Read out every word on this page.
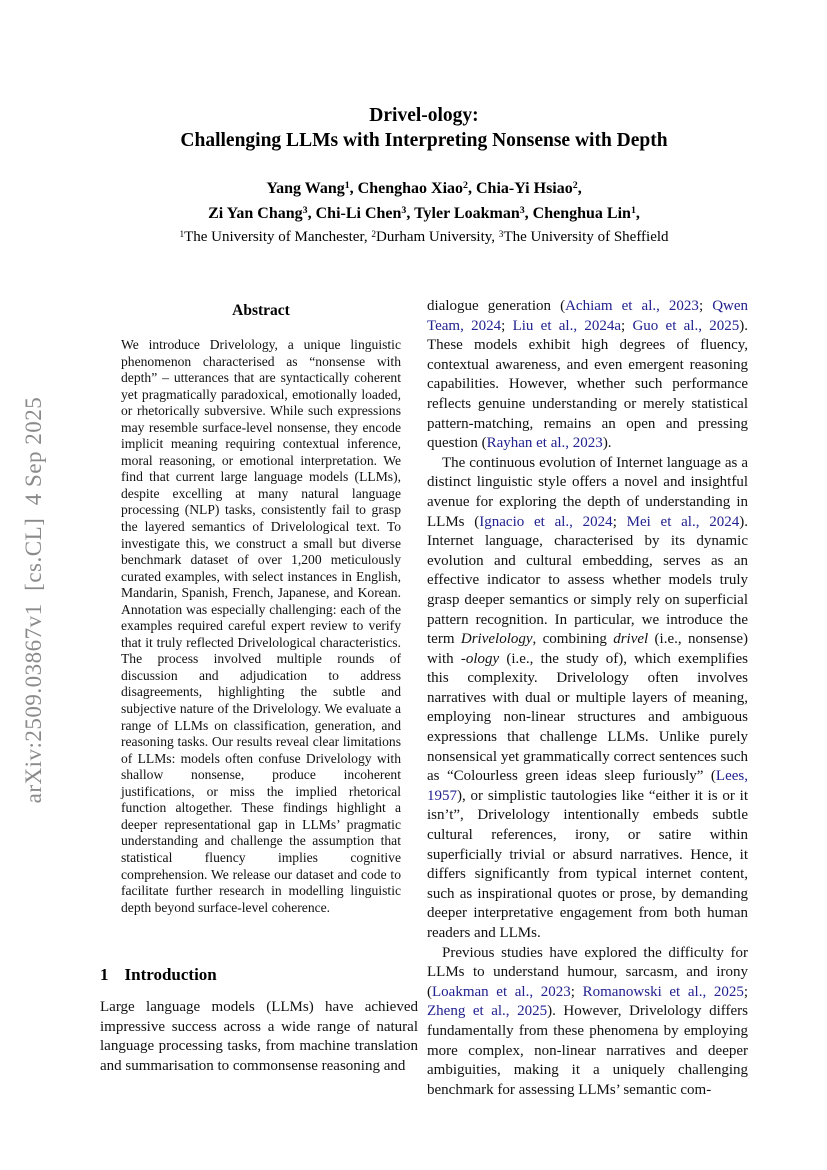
arXiv:2509.03867v1  [cs.CL]  4 Sep 2025
Drivel-ology:
Challenging LLMs with Interpreting Nonsense with Depth
Yang Wang$^1$, Chenghao Xiao$^2$, Chia-Yi Hsiao$^2$,
Zi Yan Chang$^3$, Chi-Li Chen$^3$, Tyler Loakman$^3$, Chenghua Lin$^1$,
$^1$The University of Manchester, $^2$Durham University, $^3$The University of Sheffield
Abstract
We introduce Drivelology, a unique linguistic phenomenon characterised as “nonsense with depth” – utterances that are syntactically coherent yet pragmatically paradoxical, emotionally loaded, or rhetorically subversive. While such expressions may resemble surface-level nonsense, they encode implicit meaning requiring contextual inference, moral reasoning, or emotional interpretation. We find that current large language models (LLMs), despite excelling at many natural language processing (NLP) tasks, consistently fail to grasp the layered semantics of Drivelological text. To investigate this, we construct a small but diverse benchmark dataset of over 1,200 meticulously curated examples, with select instances in English, Mandarin, Spanish, French, Japanese, and Korean. Annotation was especially challenging: each of the examples required careful expert review to verify that it truly reflected Drivelological characteristics. The process involved multiple rounds of discussion and adjudication to address disagreements, highlighting the subtle and subjective nature of the Drivelology. We evaluate a range of LLMs on classification, generation, and reasoning tasks. Our results reveal clear limitations of LLMs: models often confuse Drivelology with shallow nonsense, produce incoherent justifications, or miss the implied rhetorical function altogether. These findings highlight a deeper representational gap in LLMs’ pragmatic understanding and challenge the assumption that statistical fluency implies cognitive comprehension. We release our dataset and code to facilitate further research in modelling linguistic depth beyond surface-level coherence.
1 Introduction
Large language models (LLMs) have achieved impressive success across a wide range of natural language processing tasks, from machine translation and summarisation to commonsense reasoning and

dialogue generation (Achiam et al., 2023; Qwen Team, 2024; Liu et al., 2024a; Guo et al., 2025). These models exhibit high degrees of fluency, contextual awareness, and even emergent reasoning capabilities. However, whether such performance reflects genuine understanding or merely statistical pattern-matching, remains an open and pressing question (Rayhan et al., 2023).

The continuous evolution of Internet language as a distinct linguistic style offers a novel and insightful avenue for exploring the depth of understanding in LLMs (Ignacio et al., 2024; Mei et al., 2024). Internet language, characterised by its dynamic evolution and cultural embedding, serves as an effective indicator to assess whether models truly grasp deeper semantics or simply rely on superficial pattern recognition. In particular, we introduce the term Drivelology, combining drivel (i.e., nonsense) with -ology (i.e., the study of), which exemplifies this complexity. Drivelology often involves narratives with dual or multiple layers of meaning, employing non-linear structures and ambiguous expressions that challenge LLMs. Unlike purely nonsensical yet grammatically correct sentences such as “Colourless green ideas sleep furiously” (Lees, 1957), or simplistic tautologies like “either it is or it isn’t”, Drivelology intentionally embeds subtle cultural references, irony, or satire within superficially trivial or absurd narratives. Hence, it differs significantly from typical internet content, such as inspirational quotes or prose, by demanding deeper interpretative engagement from both human readers and LLMs.

Previous studies have explored the difficulty for LLMs to understand humour, sarcasm, and irony (Loakman et al., 2023; Romanowski et al., 2025; Zheng et al., 2025). However, Drivelology differs fundamentally from these phenomena by employing more complex, non-linear narratives and deeper ambiguities, making it a uniquely challenging benchmark for assessing LLMs’ semantic com-
